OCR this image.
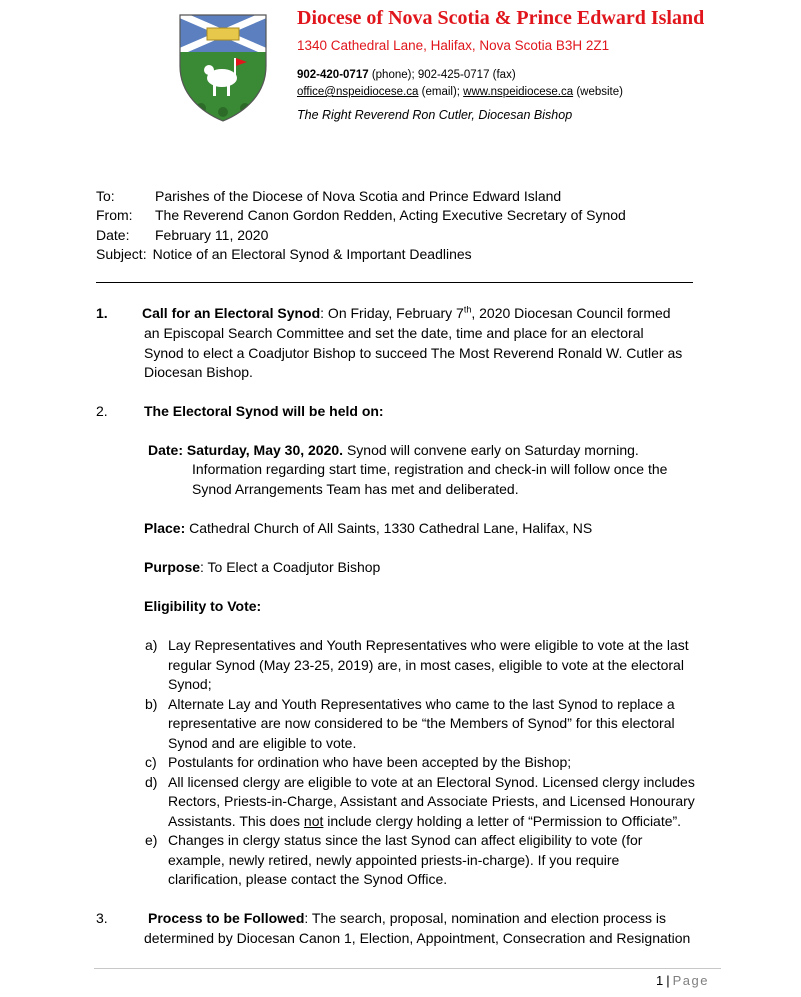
Diocese of Nova Scotia & Prince Edward Island
1340 Cathedral Lane, Halifax, Nova Scotia B3H 2Z1
902-420-0717 (phone); 902-425-0717 (fax)
office@nspeidiocese.ca (email); www.nspeidiocese.ca (website)
The Right Reverend Ron Cutler, Diocesan Bishop
To:	Parishes of the Diocese of Nova Scotia and Prince Edward Island
From: The Reverend Canon Gordon Redden, Acting Executive Secretary of Synod
Date: February 11, 2020
Subject: Notice of an Electoral Synod & Important Deadlines
1. Call for an Electoral Synod: On Friday, February 7th, 2020 Diocesan Council formed
an Episcopal Search Committee and set the date, time and place for an electoral
Synod to elect a Coadjutor Bishop to succeed The Most Reverend Ronald W. Cutler as
Diocesan Bishop.
2.	The Electoral Synod will be held on:
Date: Saturday, May 30, 2020. Synod will convene early on Saturday morning.
Information regarding start time, registration and check-in will follow once the
Synod Arrangements Team has met and deliberated.
Place: Cathedral Church of All Saints, 1330 Cathedral Lane, Halifax, NS
Purpose: To Elect a Coadjutor Bishop
Eligibility to Vote:
a) Lay Representatives and Youth Representatives who were eligible to vote at the last
regular Synod (May 23-25, 2019) are, in most cases, eligible to vote at the electoral
Synod;
b) Alternate Lay and Youth Representatives who came to the last Synod to replace a
representative are now considered to be “the Members of Synod” for this electoral
Synod and are eligible to vote.
c) Postulants for ordination who have been accepted by the Bishop;
d) All licensed clergy are eligible to vote at an Electoral Synod. Licensed clergy includes
Rectors, Priests-in-Charge, Assistant and Associate Priests, and Licensed Honourary
Assistants. This does not include clergy holding a letter of “Permission to Officiate”.
e) Changes in clergy status since the last Synod can affect eligibility to vote (for
example, newly retired, newly appointed priests-in-charge). If you require
clarification, please contact the Synod Office.
3.	Process to be Followed: The search, proposal, nomination and election process is
determined by Diocesan Canon 1, Election, Appointment, Consecration and Resignation
1 | Page
